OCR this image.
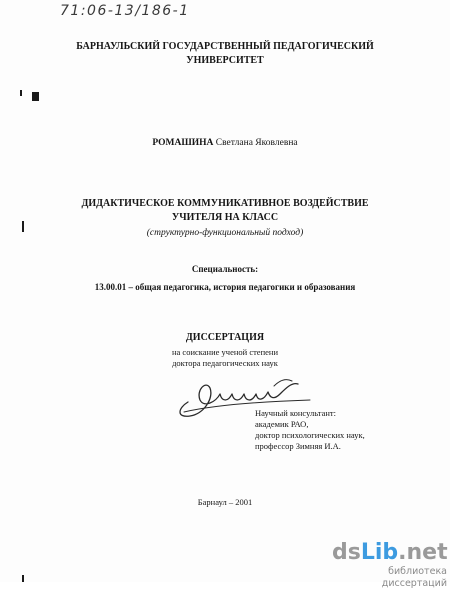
71:06-13/186-1
БАРНАУЛЬСКИЙ ГОСУДАРСТВЕННЫЙ ПЕДАГОГИЧЕСКИЙ
УНИВЕРСИТЕТ
РОМАШИНА Светлана Яковлевна
ДИДАКТИЧЕСКОЕ КОММУНИКАТИВНОЕ ВОЗДЕЙСТВИЕ
УЧИТЕЛЯ НА КЛАСС
(структурно-функциональный подход)
Специальность:
13.00.01 – общая педагогика, история педагогики и образования
ДИССЕРТАЦИЯ
на соискание ученой степени
доктора педагогических наук
Научный консультант:
академик РАО,
доктор психологических наук,
профессор Зимняя И.А.
Барнаул – 2001
dsLib.net
библиотека диссертаций
